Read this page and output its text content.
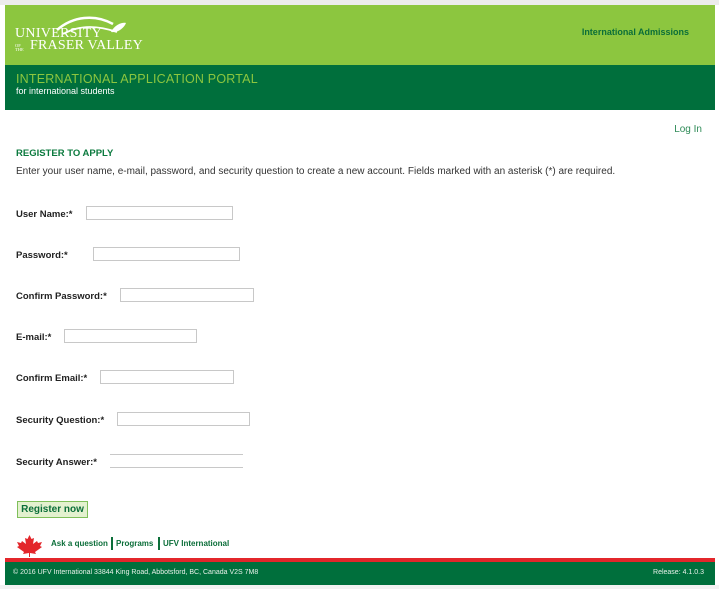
UNIVERSITY
OF THE FRASER VALLEY
International Admissions
INTERNATIONAL APPLICATION PORTAL
for international students
Log In
REGISTER TO APPLY
Enter your user name, e-mail, password, and security question to create a new account. Fields marked with an asterisk (*) are required.
User Name:*
Password:*
Confirm Password:*
E-mail:*
Confirm Email:*
Security Question:*
Security Answer:*
Register now
Ask a question Programs UFV International
© 2016 UFV International 33844 King Road, Abbotsford, BC, Canada V2S 7M8	Release: 4.1.0.3
